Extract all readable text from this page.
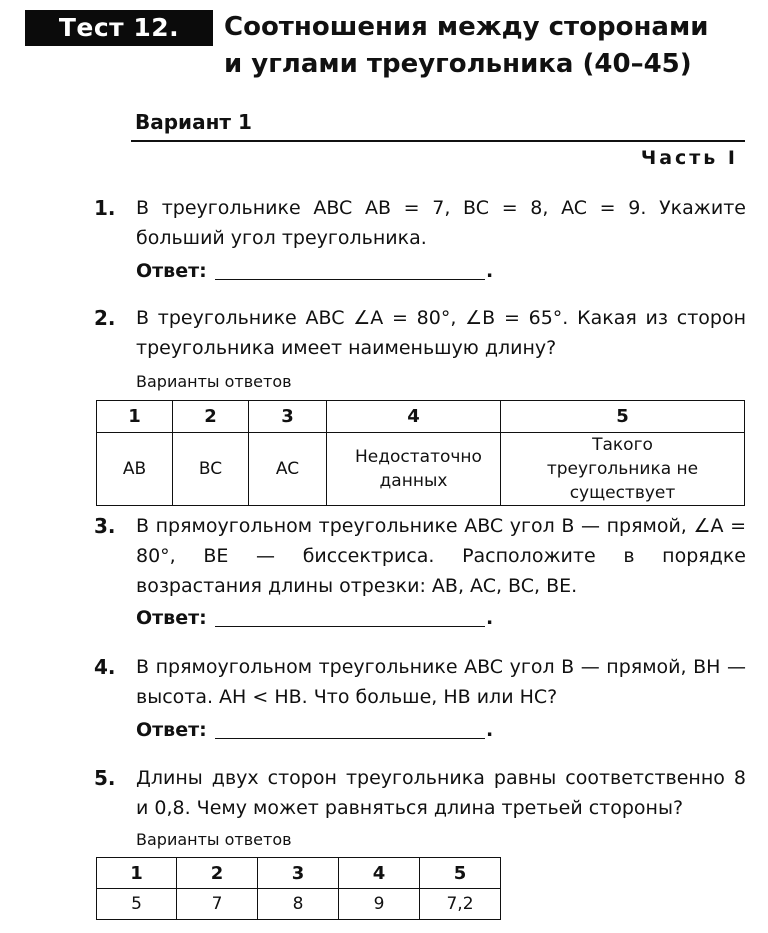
Тест 12.	Соотношения между сторонами
и углами треугольника (40–45)
Вариант 1
Часть I
1. В треугольнике ABC AB = 7, BC = 8, AC = 9. Укажите больший угол треугольника.
Ответ:	.
2. В треугольнике ABC ∠A = 80°, ∠B = 65°. Какая из сторон треугольника имеет наименьшую длину?
Варианты ответов
1	2	3	4	5
AB	BC	AC	Недостаточно данных	Такого треугольника не существует
3. В прямоугольном треугольнике ABC угол B — прямой, ∠A = 80°, BE — биссектриса. Расположите в порядке возрастания длины отрезки: AB, AC, BC, BE.
Ответ:	.
4. В прямоугольном треугольнике ABC угол B — прямой, BH — высота. AH < HB. Что больше, HB или HC?
Ответ:	.
5. Длины двух сторон треугольника равны соответственно 8 и 0,8. Чему может равняться длина третьей стороны?
Варианты ответов
1	2	3	4	5
5	7	8	9	7,2
